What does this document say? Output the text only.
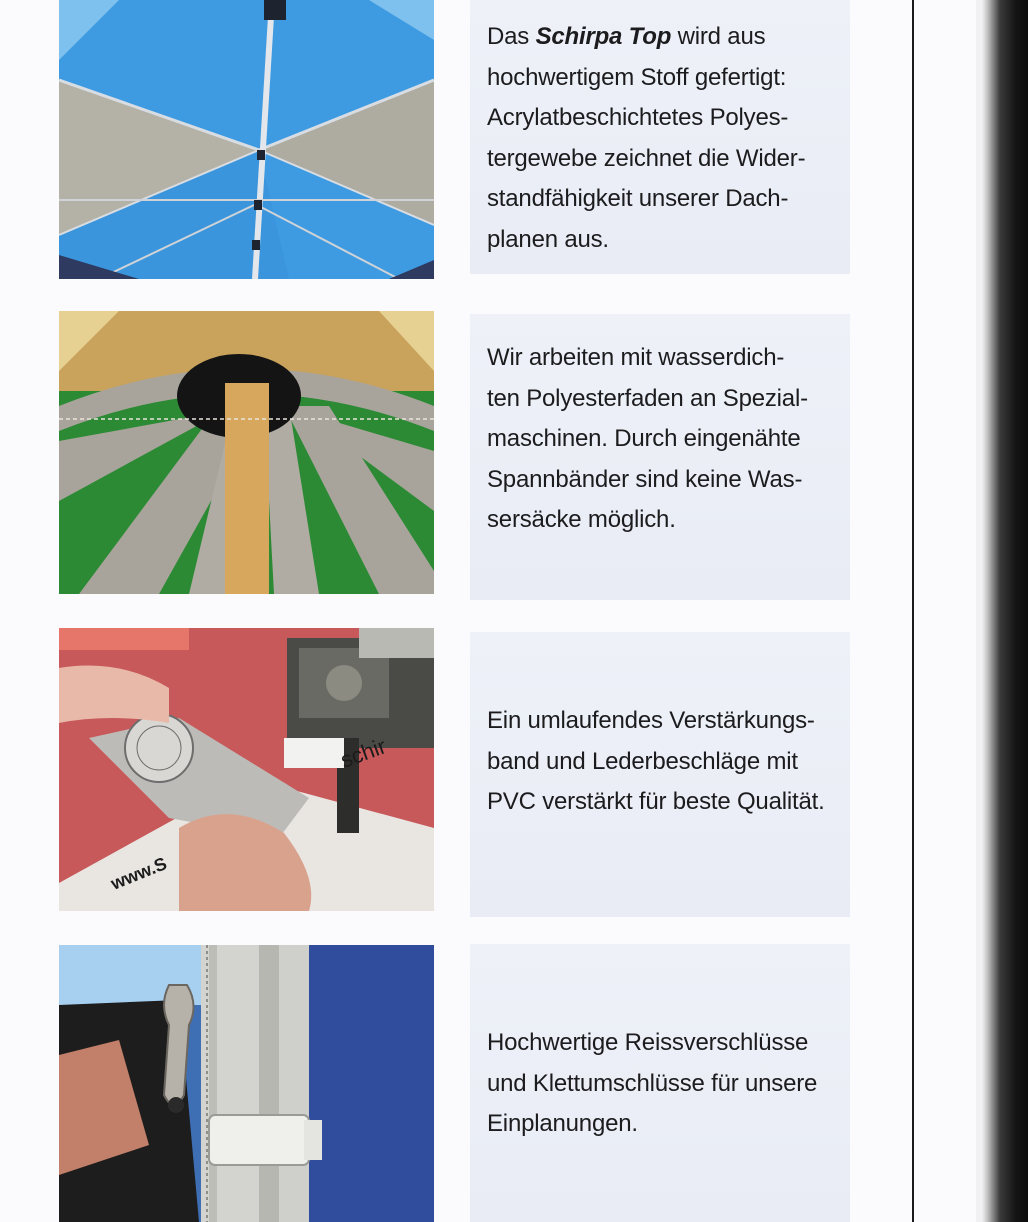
schir
www.S
Das Schirpa Top wird aus
hochwertigem Stoff gefertigt:
Acrylatbeschichtetes Polyes-
tergewebe zeichnet die Wider-
standfähigkeit unserer Dach-
planen aus.
Wir arbeiten mit wasserdich-
ten Polyesterfaden an Spezial-
maschinen. Durch eingenähte
Spannbänder sind keine Was-
sersäcke möglich.
Ein umlaufendes Verstärkungs-
band und Lederbeschläge mit
PVC verstärkt für beste Qualität.
Hochwertige Reissverschlüsse
und Klettumschlüsse für unsere
Einplanungen.
